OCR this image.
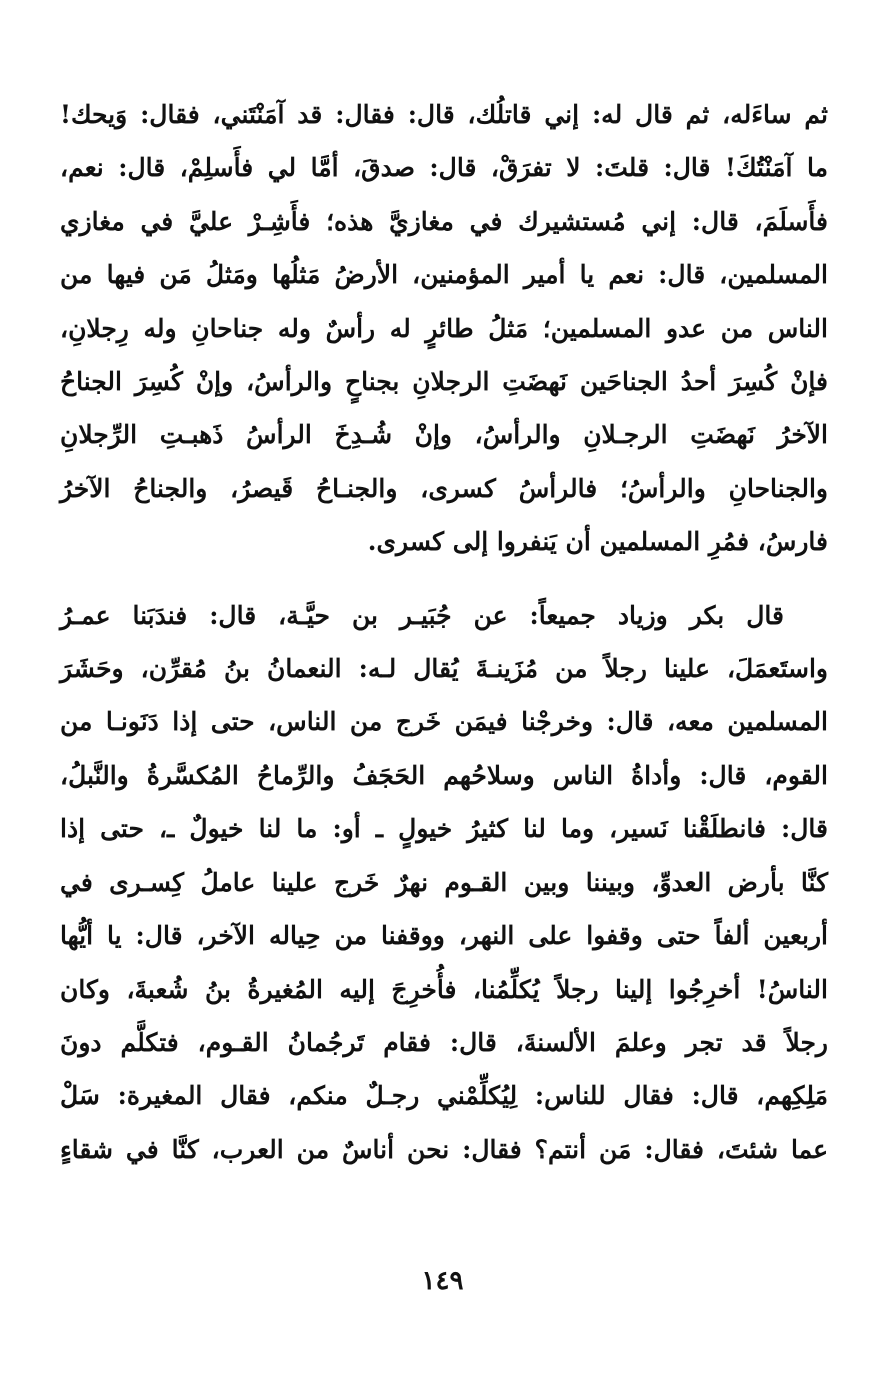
ثم ساءَله، ثم قال له: إني قاتلُك، قال: فقال: قد آمَنْتَني، فقال: وَيحك!
ما آمَنْتُكَ! قال: قلتَ: لا تفرَقْ، قال: صدقَ، أمَّا لي فأَسلِمْ، قال: نعم،
فأَسلَمَ، قال: إني مُستشيرك في مغازيَّ هذه؛ فأَشِـرْ عليَّ في مغازي
المسلمين، قال: نعم يا أمير المؤمنين، الأرضُ مَثلُها ومَثلُ مَن فيها من
الناس من عدو المسلمين؛ مَثلُ طائرٍ له رأسٌ وله جناحانِ وله رِجلانِ،
فإنْ كُسِرَ أحدُ الجناحَين نَهضَتِ الرجلانِ بجناحٍ والرأسُ، وإنْ كُسِرَ الجناحُ
الآخرُ نَهضَتِ الرجـلانِ والرأسُ، وإنْ شُـدِخَ الرأسُ ذَهبـتِ الرِّجلانِ
والجناحانِ والرأسُ؛ فالرأسُ كسرى، والجنـاحُ قَيصرُ، والجناحُ الآخرُ
فارسُ، فمُرِ المسلمين أن يَنفروا إلى كسرى.
قال بكر وزياد جميعاً: عن جُبَيـر بن حيَّـة، قال: فندَبَنا عمـرُ
واستَعمَلَ، علينا رجلاً من مُزَينـةَ يُقال لـه: النعمانُ بنُ مُقرِّن، وحَشَرَ
المسلمين معه، قال: وخرجْنا فيمَن خَرج من الناس، حتى إذا دَنَونـا من
القوم، قال: وأداةُ الناس وسلاحُهم الحَجَفُ والرِّماحُ المُكسَّرةُ والنَّبلُ،
قال: فانطلَقْنا نَسير، وما لنا كثيرُ خيولٍ ـ أو: ما لنا خيولٌ ـ، حتى إذا
كنَّا بأرض العدوِّ، وبيننا وبين القـوم نهرٌ خَرج علينا عاملُ كِسـرى في
أربعين ألفاً حتى وقفوا على النهر، ووقفنا من حِياله الآخر، قال: يا أيُّها
الناسُ! أخرِجُوا إلينا رجلاً يُكلِّمُنا، فأُخرِجَ إليه المُغيرةُ بنُ شُعبةَ، وكان
رجلاً قد تجر وعلمَ الألسنةَ، قال: فقام تَرجُمانُ القـوم، فتكلَّم دونَ
مَلِكِهم، قال: فقال للناس: لِيُكلِّمْني رجـلٌ منكم، فقال المغيرة: سَلْ
عما شئتَ، فقال: مَن أنتم؟ فقال: نحن أناسٌ من العرب، كنَّا في شقاءٍ
١٤٩
